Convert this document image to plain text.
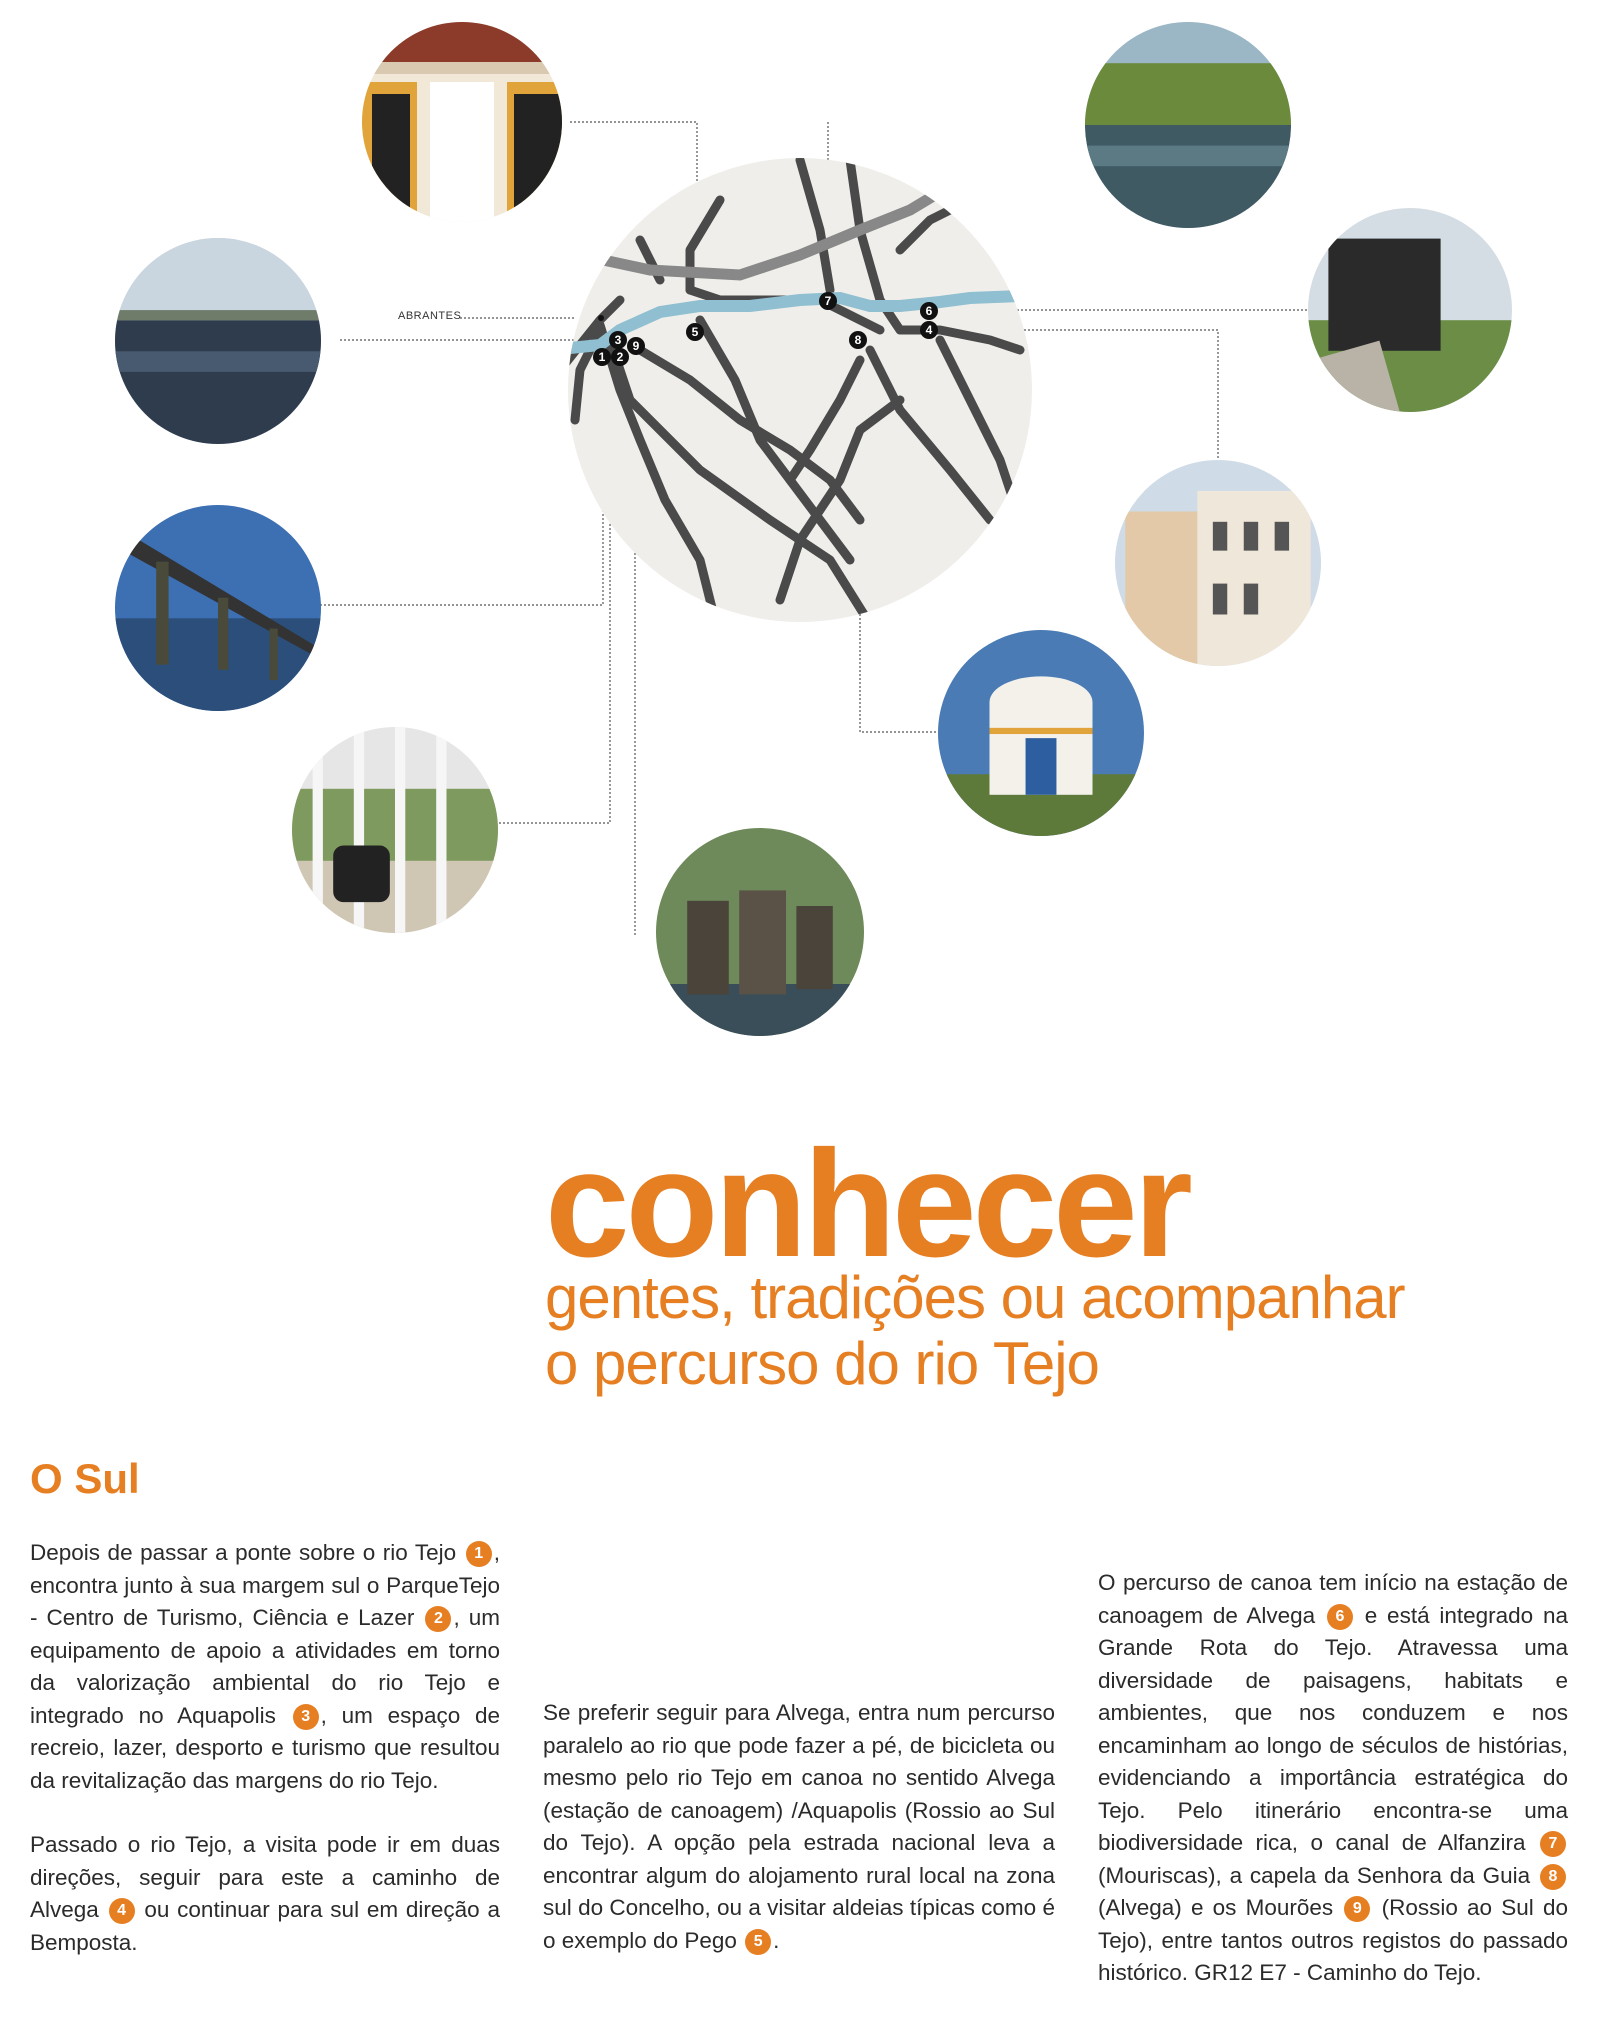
1 2
3 9
5
7
8
6
4
ABRANTES
conhecer
gentes, tradições ou acompanhar
o percurso do rio Tejo
O Sul

Depois de passar a ponte sobre o rio Tejo 1 , encontra junto à sua margem sul o ParqueTejo - Centro de Turismo, Ciência e Lazer 2 , um equipamento de apoio a atividades em torno da valorização ambiental do rio Tejo e integrado no Aquapolis 3 , um espaço de recreio, lazer, desporto e turismo que resultou da revitalização das margens do rio Tejo.

Passado o rio Tejo, a visita pode ir em duas direções, seguir para este a caminho de Alvega 4 ou continuar para sul em direção a Bemposta.

Se preferir seguir para Alvega, entra num percurso paralelo ao rio que pode fazer a pé, de bicicleta ou mesmo pelo rio Tejo em canoa no sentido Alvega (estação de canoagem) /Aquapolis (Rossio ao Sul do Tejo). A opção pela estrada nacional leva a encontrar algum do alojamento rural local na zona sul do Concelho, ou a visitar aldeias típicas como é o exemplo do Pego 5 .

O percurso de canoa tem início na estação de canoagem de Alvega 6 e está integrado na Grande Rota do Tejo. Atravessa uma diversidade de paisagens, habitats e ambientes, que nos conduzem e nos encaminham ao longo de séculos de histórias, evidenciando a importância estratégica do Tejo. Pelo itinerário encontra-se uma biodiversidade rica, o canal de Alfanzira 7 (Mouriscas), a capela da Senhora da Guia 8 (Alvega) e os Mourões 9 (Rossio ao Sul do Tejo), entre tantos outros registos do passado histórico. GR12 E7 - Caminho do Tejo.
